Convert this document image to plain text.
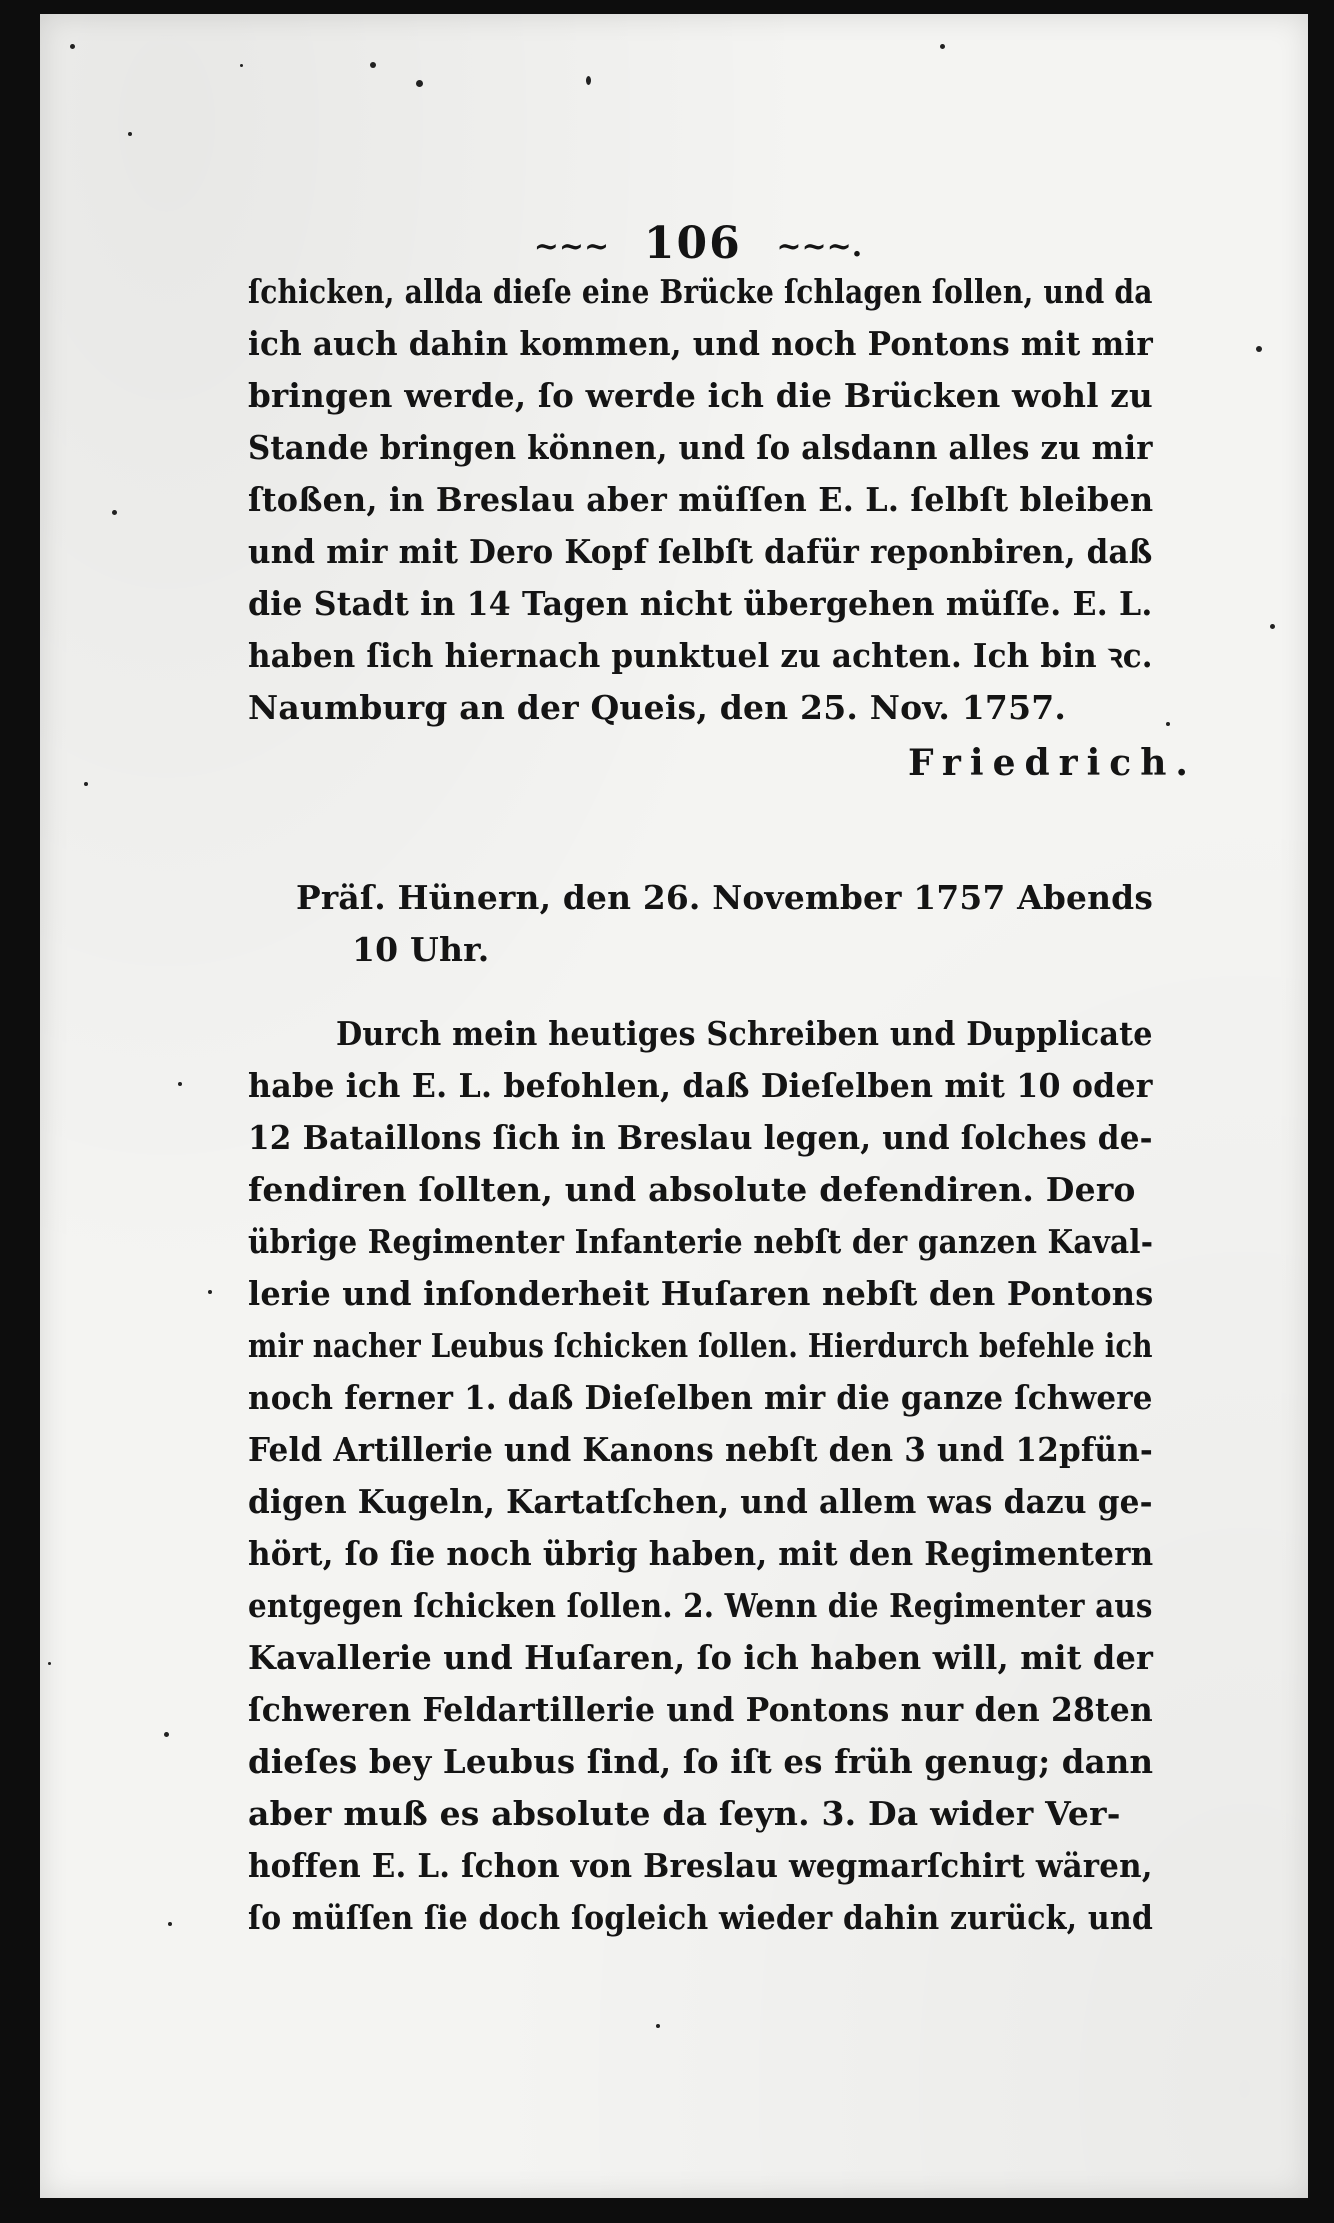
~~~ 106 ~~~.
ſchicken, allda dieſe eine Brücke ſchlagen ſollen, und da
ich auch dahin kommen, und noch Pontons mit mir
bringen werde, ſo werde ich die Brücken wohl zu
Stande bringen können, und ſo alsdann alles zu mir
ſtoßen, in Breslau aber müſſen E. L. ſelbſt bleiben
und mir mit Dero Kopf ſelbſt dafür reponbiren, daß
die Stadt in 14 Tagen nicht übergehen müſſe. E. L.
haben ſich hiernach punktuel zu achten. Ich bin ꝛc.
Naumburg an der Queis, den 25. Nov. 1757.
Friedrich.
Präſ. Hünern, den 26. November 1757 Abends
10 Uhr.
Durch mein heutiges Schreiben und Dupplicate
habe ich E. L. befohlen, daß Dieſelben mit 10 oder
12 Bataillons ſich in Breslau legen, und ſolches de-
fendiren ſollten, und absolute defendiren. Dero
übrige Regimenter Infanterie nebſt der ganzen Kaval-
lerie und inſonderheit Huſaren nebſt den Pontons
mir nacher Leubus ſchicken ſollen. Hierdurch befehle ich
noch ferner 1. daß Dieſelben mir die ganze ſchwere
Feld Artillerie und Kanons nebſt den 3 und 12pfün-
digen Kugeln, Kartatſchen, und allem was dazu ge-
hört, ſo ſie noch übrig haben, mit den Regimentern
entgegen ſchicken ſollen. 2. Wenn die Regimenter aus
Kavallerie und Huſaren, ſo ich haben will, mit der
ſchweren Feldartillerie und Pontons nur den 28ten
dieſes bey Leubus ſind, ſo iſt es früh genug; dann
aber muß es absolute da ſeyn. 3. Da wider Ver-
hoffen E. L. ſchon von Breslau wegmarſchirt wären,
ſo müſſen ſie doch ſogleich wieder dahin zurück, und
